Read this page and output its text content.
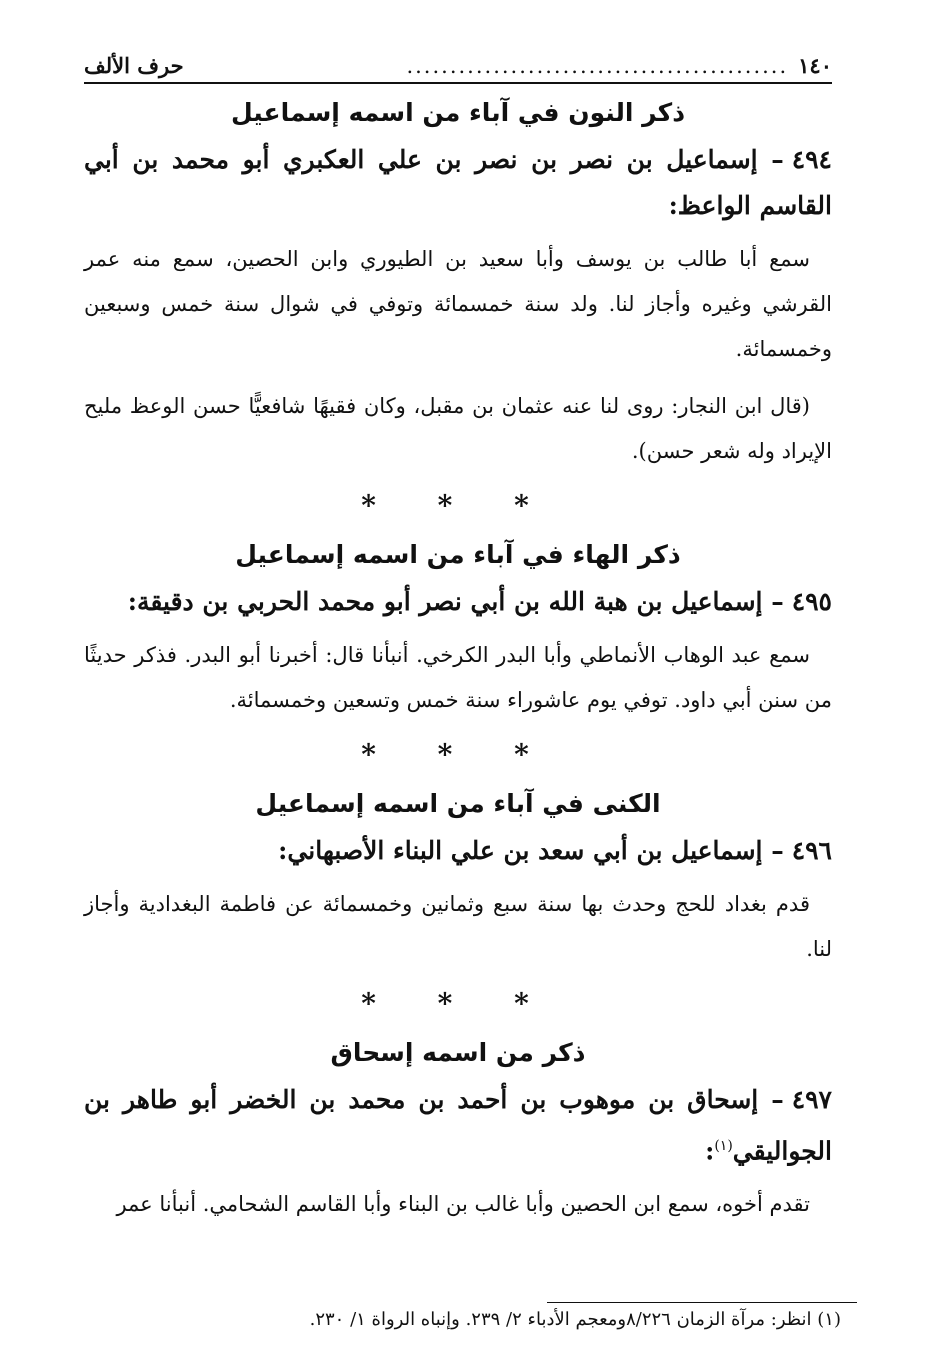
١٤٠
............................................
حرف الألف
ذكر النون في آباء من اسمه إسماعيل
٤٩٤– إسماعيل بن نصر بن نصر بن علي العكبري أبو محمد بن أبي القاسم الواعظ:

سمع أبا طالب بن يوسف وأبا سعيد بن الطيوري وابن الحصين، سمع منه عمر القرشي وغيره وأجاز لنا. ولد سنة خمسمائة وتوفي في شوال سنة خمس وسبعين وخمسمائة.

(قال ابن النجار: روى لنا عنه عثمان بن مقبل، وكان فقيهًا شافعيًّا حسن الوعظ مليح الإيراد وله شعر حسن).

* * *
ذكر الهاء في آباء من اسمه إسماعيل
٤٩٥– إسماعيل بن هبة الله بن أبي نصر أبو محمد الحربي بن دقيقة:

سمع عبد الوهاب الأنماطي وأبا البدر الكرخي. أنبأنا قال: أخبرنا أبو البدر. فذكر حديثًا من سنن أبي داود. توفي يوم عاشوراء سنة خمس وتسعين وخمسمائة.

* * *
الكنى في آباء من اسمه إسماعيل
٤٩٦– إسماعيل بن أبي سعد بن علي البناء الأصبهاني:

قدم بغداد للحج وحدث بها سنة سبع وثمانين وخمسمائة عن فاطمة البغدادية وأجاز لنا.

* * *
ذكر من اسمه إسحاق
٤٩٧– إسحاق بن موهوب بن أحمد بن محمد بن الخضر أبو طاهر بن الجواليقي$^{(١)}$:

تقدم أخوه، سمع ابن الحصين وأبا غالب بن البناء وأبا القاسم الشحامي. أنبأنا عمر

(١) انظر: مرآة الزمان ٨/٢٢٦ومعجم الأدباء ٢/ ٢٣٩. وإنباه الرواة ١/ ٢٣٠.
